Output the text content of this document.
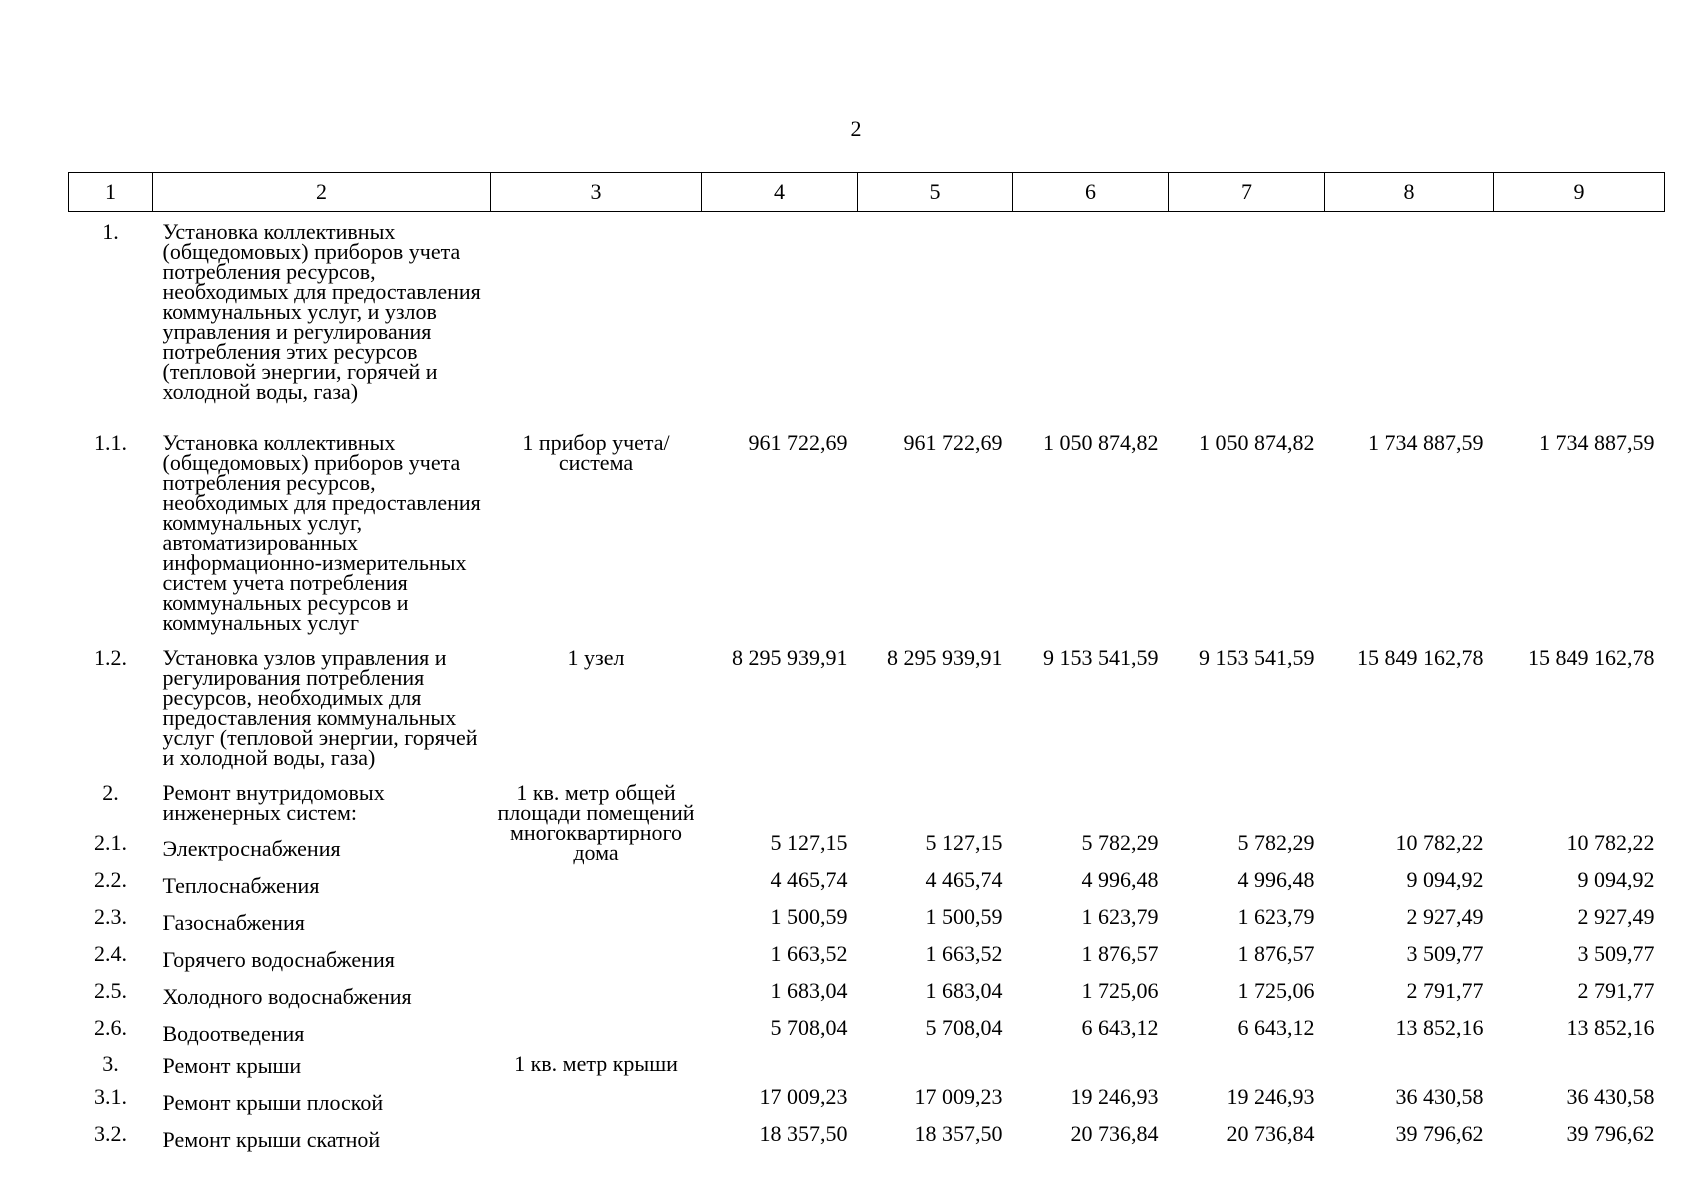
2
1	2	3	4	5	6	7	8	9
1.	Установка коллективных (общедомовых) приборов учета потребления ресурсов, необходимых для предоставления коммунальных услуг, и узлов управления и регулирования потребления этих ресурсов (тепловой энергии, горячей и холодной воды, газа)							
1.1.	Установка коллективных (общедомовых) приборов учета потребления ресурсов, необходимых для предоставления коммунальных услуг, автоматизированных информационно-измерительных систем учета потребления коммунальных ресурсов и коммунальных услуг	1 прибор учета/ система	961 722,69	961 722,69	1 050 874,82	1 050 874,82	1 734 887,59	1 734 887,59
1.2.	Установка узлов управления и регулирования потребления ресурсов, необходимых для предоставления коммунальных услуг (тепловой энергии, горячей и холодной воды, газа)	1 узел	8 295 939,91	8 295 939,91	9 153 541,59	9 153 541,59	15 849 162,78	15 849 162,78
2.	Ремонт внутридомовых инженерных систем:	1 кв. метр общей площади помещений многоквартирного дома						
2.1.	Электроснабжения		5 127,15	5 127,15	5 782,29	5 782,29	10 782,22	10 782,22
2.2.	Теплоснабжения		4 465,74	4 465,74	4 996,48	4 996,48	9 094,92	9 094,92
2.3.	Газоснабжения		1 500,59	1 500,59	1 623,79	1 623,79	2 927,49	2 927,49
2.4.	Горячего водоснабжения		1 663,52	1 663,52	1 876,57	1 876,57	3 509,77	3 509,77
2.5.	Холодного водоснабжения		1 683,04	1 683,04	1 725,06	1 725,06	2 791,77	2 791,77
2.6.	Водоотведения		5 708,04	5 708,04	6 643,12	6 643,12	13 852,16	13 852,16
3.	Ремонт крыши	1 кв. метр крыши						
3.1.	Ремонт крыши плоской		17 009,23	17 009,23	19 246,93	19 246,93	36 430,58	36 430,58
3.2.	Ремонт крыши скатной		18 357,50	18 357,50	20 736,84	20 736,84	39 796,62	39 796,62
